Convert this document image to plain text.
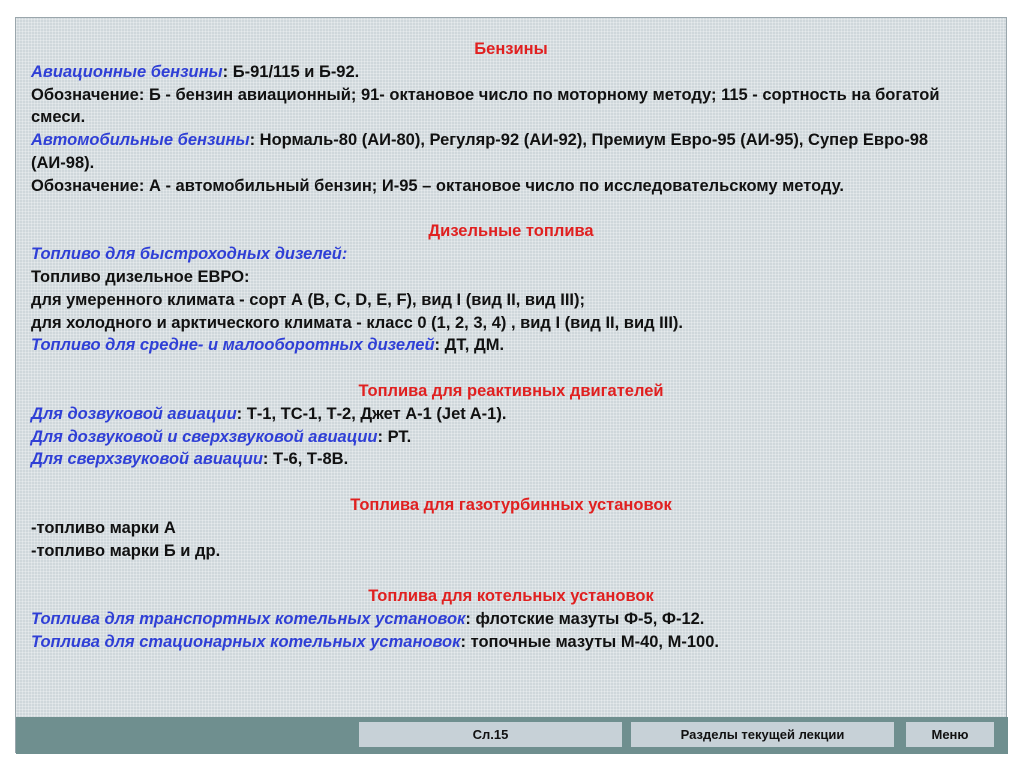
Бензины
Авиационные бензины: Б-91/115 и Б-92.
Обозначение: Б - бензин авиационный; 91- октановое число по моторному методу; 115 - сортность на богатой смеси.
Автомобильные бензины: Нормаль-80 (АИ-80), Регуляр-92 (АИ-92), Премиум Евро-95 (АИ-95), Супер Евро-98 (АИ-98).
Обозначение: А - автомобильный бензин; И-95 – октановое число по исследовательскому методу.
Дизельные топлива
Топливо для быстроходных дизелей:
Топливо дизельное ЕВРО:
для умеренного климата - сорт А (В, С, D, Е, F), вид I (вид II, вид III);
для холодного и арктического климата - класс 0 (1, 2, 3, 4) , вид I (вид II, вид III).
Топливо для средне- и малооборотных дизелей: ДТ, ДМ.
Топлива для реактивных двигателей
Для дозвуковой авиации: Т-1, ТС-1, Т-2, Джет А-1 (Jet A-1).
Для дозвуковой и сверхзвуковой авиации: РТ.
Для сверхзвуковой авиации: Т-6, Т-8В.
Топлива для газотурбинных установок
-топливо марки А
-топливо марки Б и др.
Топлива для котельных установок
Топлива для транспортных котельных установок: флотские мазуты Ф-5, Ф-12.
Топлива для стационарных котельных установок: топочные мазуты М-40, М-100.
Сл.15	Разделы текущей лекции	Меню
